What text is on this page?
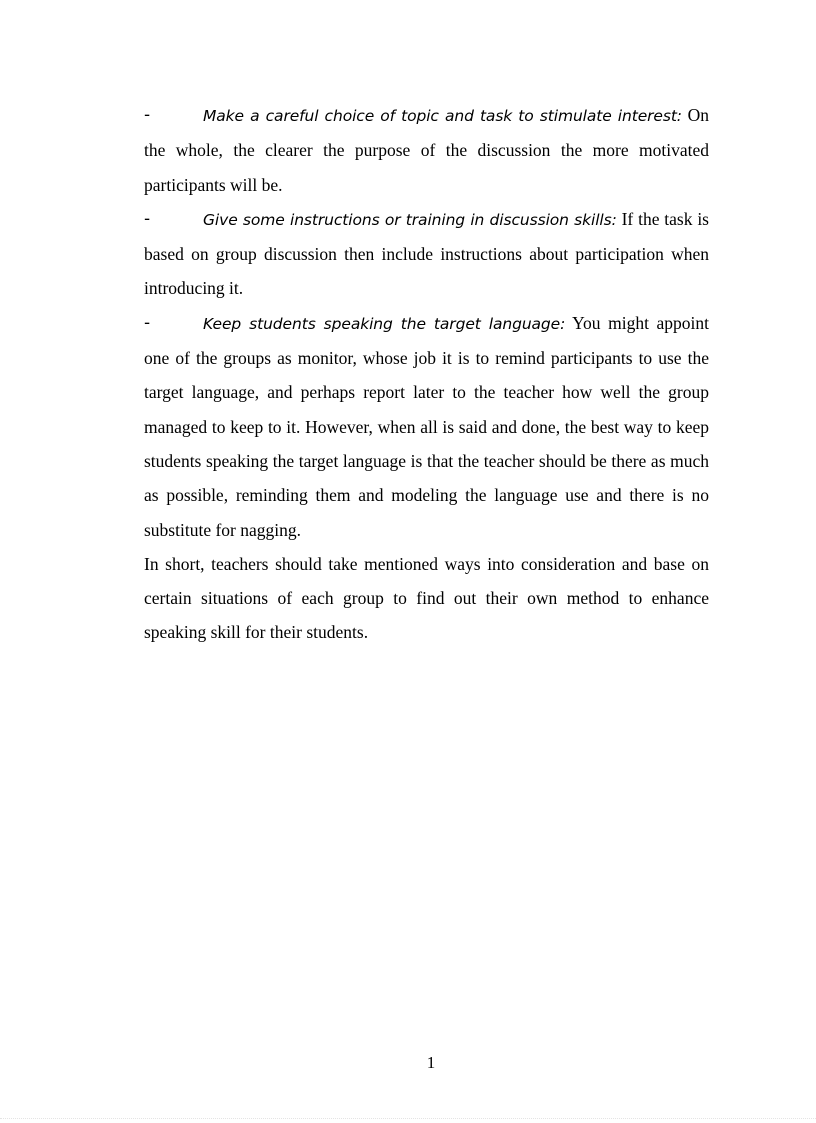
-	Make a careful choice of topic and task to stimulate interest: On the whole, the clearer the purpose of the discussion the more motivated participants will be.

-	Give some instructions or training in discussion skills: If the task is based on group discussion then include instructions about participation when introducing it.

-	Keep students speaking the target language: You might appoint one of the groups as monitor, whose job it is to remind participants to use the target language, and perhaps report later to the teacher how well the group managed to keep to it. However, when all is said and done, the best way to keep students speaking the target language is that the teacher should be there as much as possible, reminding them and modeling the language use and there is no substitute for nagging.

In short, teachers should take mentioned ways into consideration and base on certain situations of each group to find out their own method to enhance speaking skill for their students.

1
